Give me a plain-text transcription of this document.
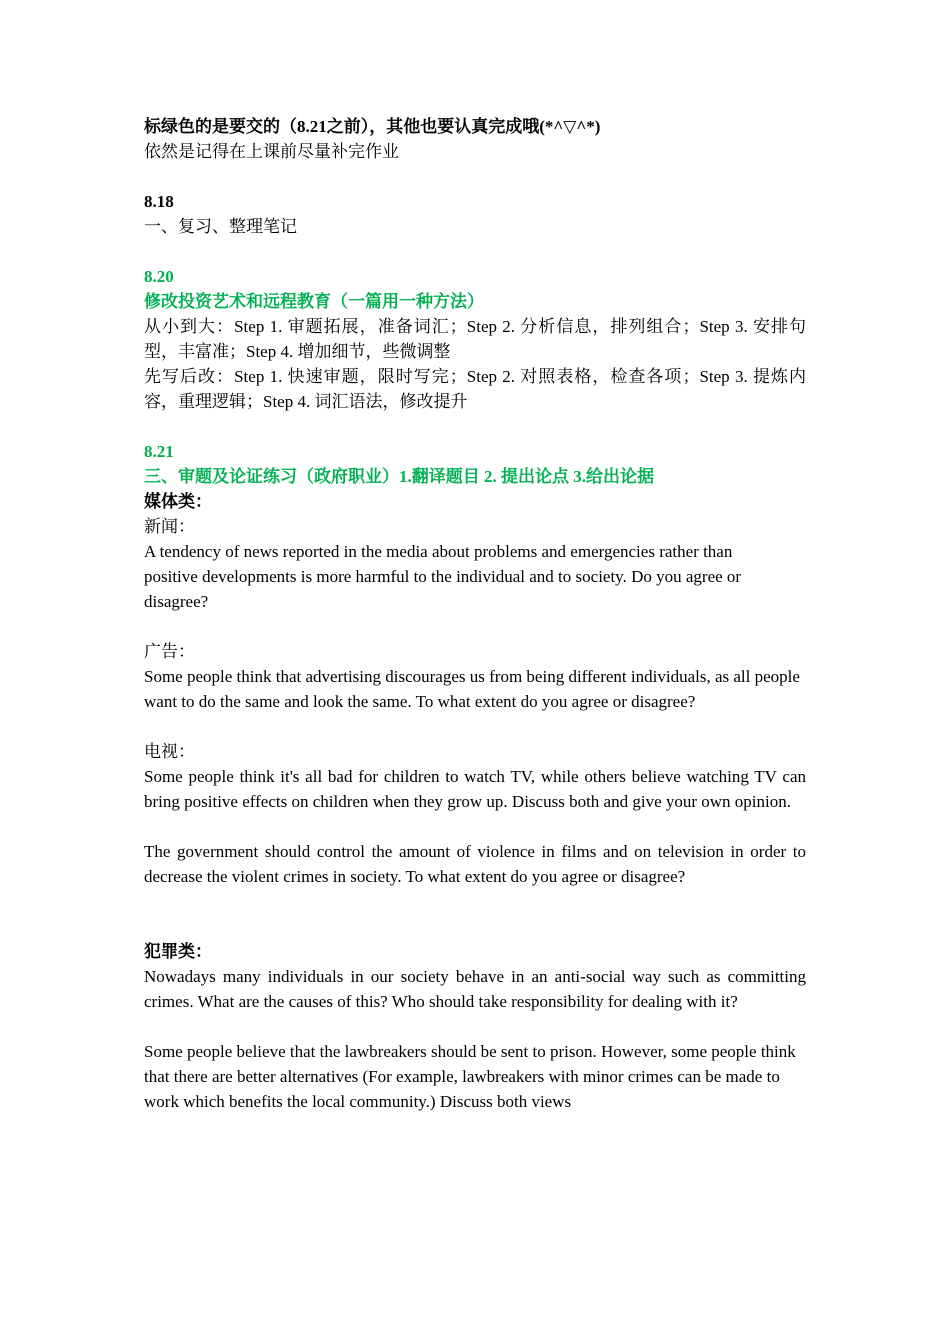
标绿色的是要交的（8.21之前），其他也要认真完成哦(*^▽^*)
依然是记得在上课前尽量补完作业
8.18
一、复习、整理笔记
8.20
修改投资艺术和远程教育（一篇用一种方法）

从小到大：Step 1. 审题拓展，准备词汇；Step 2. 分析信息，排列组合；Step 3. 安排句型，丰富准；Step 4. 增加细节，些微调整

先写后改：Step 1. 快速审题，限时写完；Step 2. 对照表格，检查各项；Step 3. 提炼内容，重理逻辑；Step 4. 词汇语法，修改提升

8.21
三、审题及论证练习（政府职业）1.翻译题目 2. 提出论点 3.给出论据
媒体类：
新闻：

A tendency of news reported in the media about problems and emergencies rather than positive developments is more harmful to the individual and to society. Do you agree or disagree?

广告：

Some people think that advertising discourages us from being different individuals, as all people want to do the same and look the same. To what extent do you agree or disagree?

电视：

Some people think it's all bad for children to watch TV, while others believe watching TV can bring positive effects on children when they grow up. Discuss both and give your own opinion.

The government should control the amount of violence in films and on television in order to decrease the violent crimes in society. To what extent do you agree or disagree?

犯罪类：

Nowadays many individuals in our society behave in an anti-social way such as committing crimes. What are the causes of this? Who should take responsibility for dealing with it?

Some people believe that the lawbreakers should be sent to prison. However, some people think that there are better alternatives (For example, lawbreakers with minor crimes can be made to work which benefits the local community.) Discuss both views
